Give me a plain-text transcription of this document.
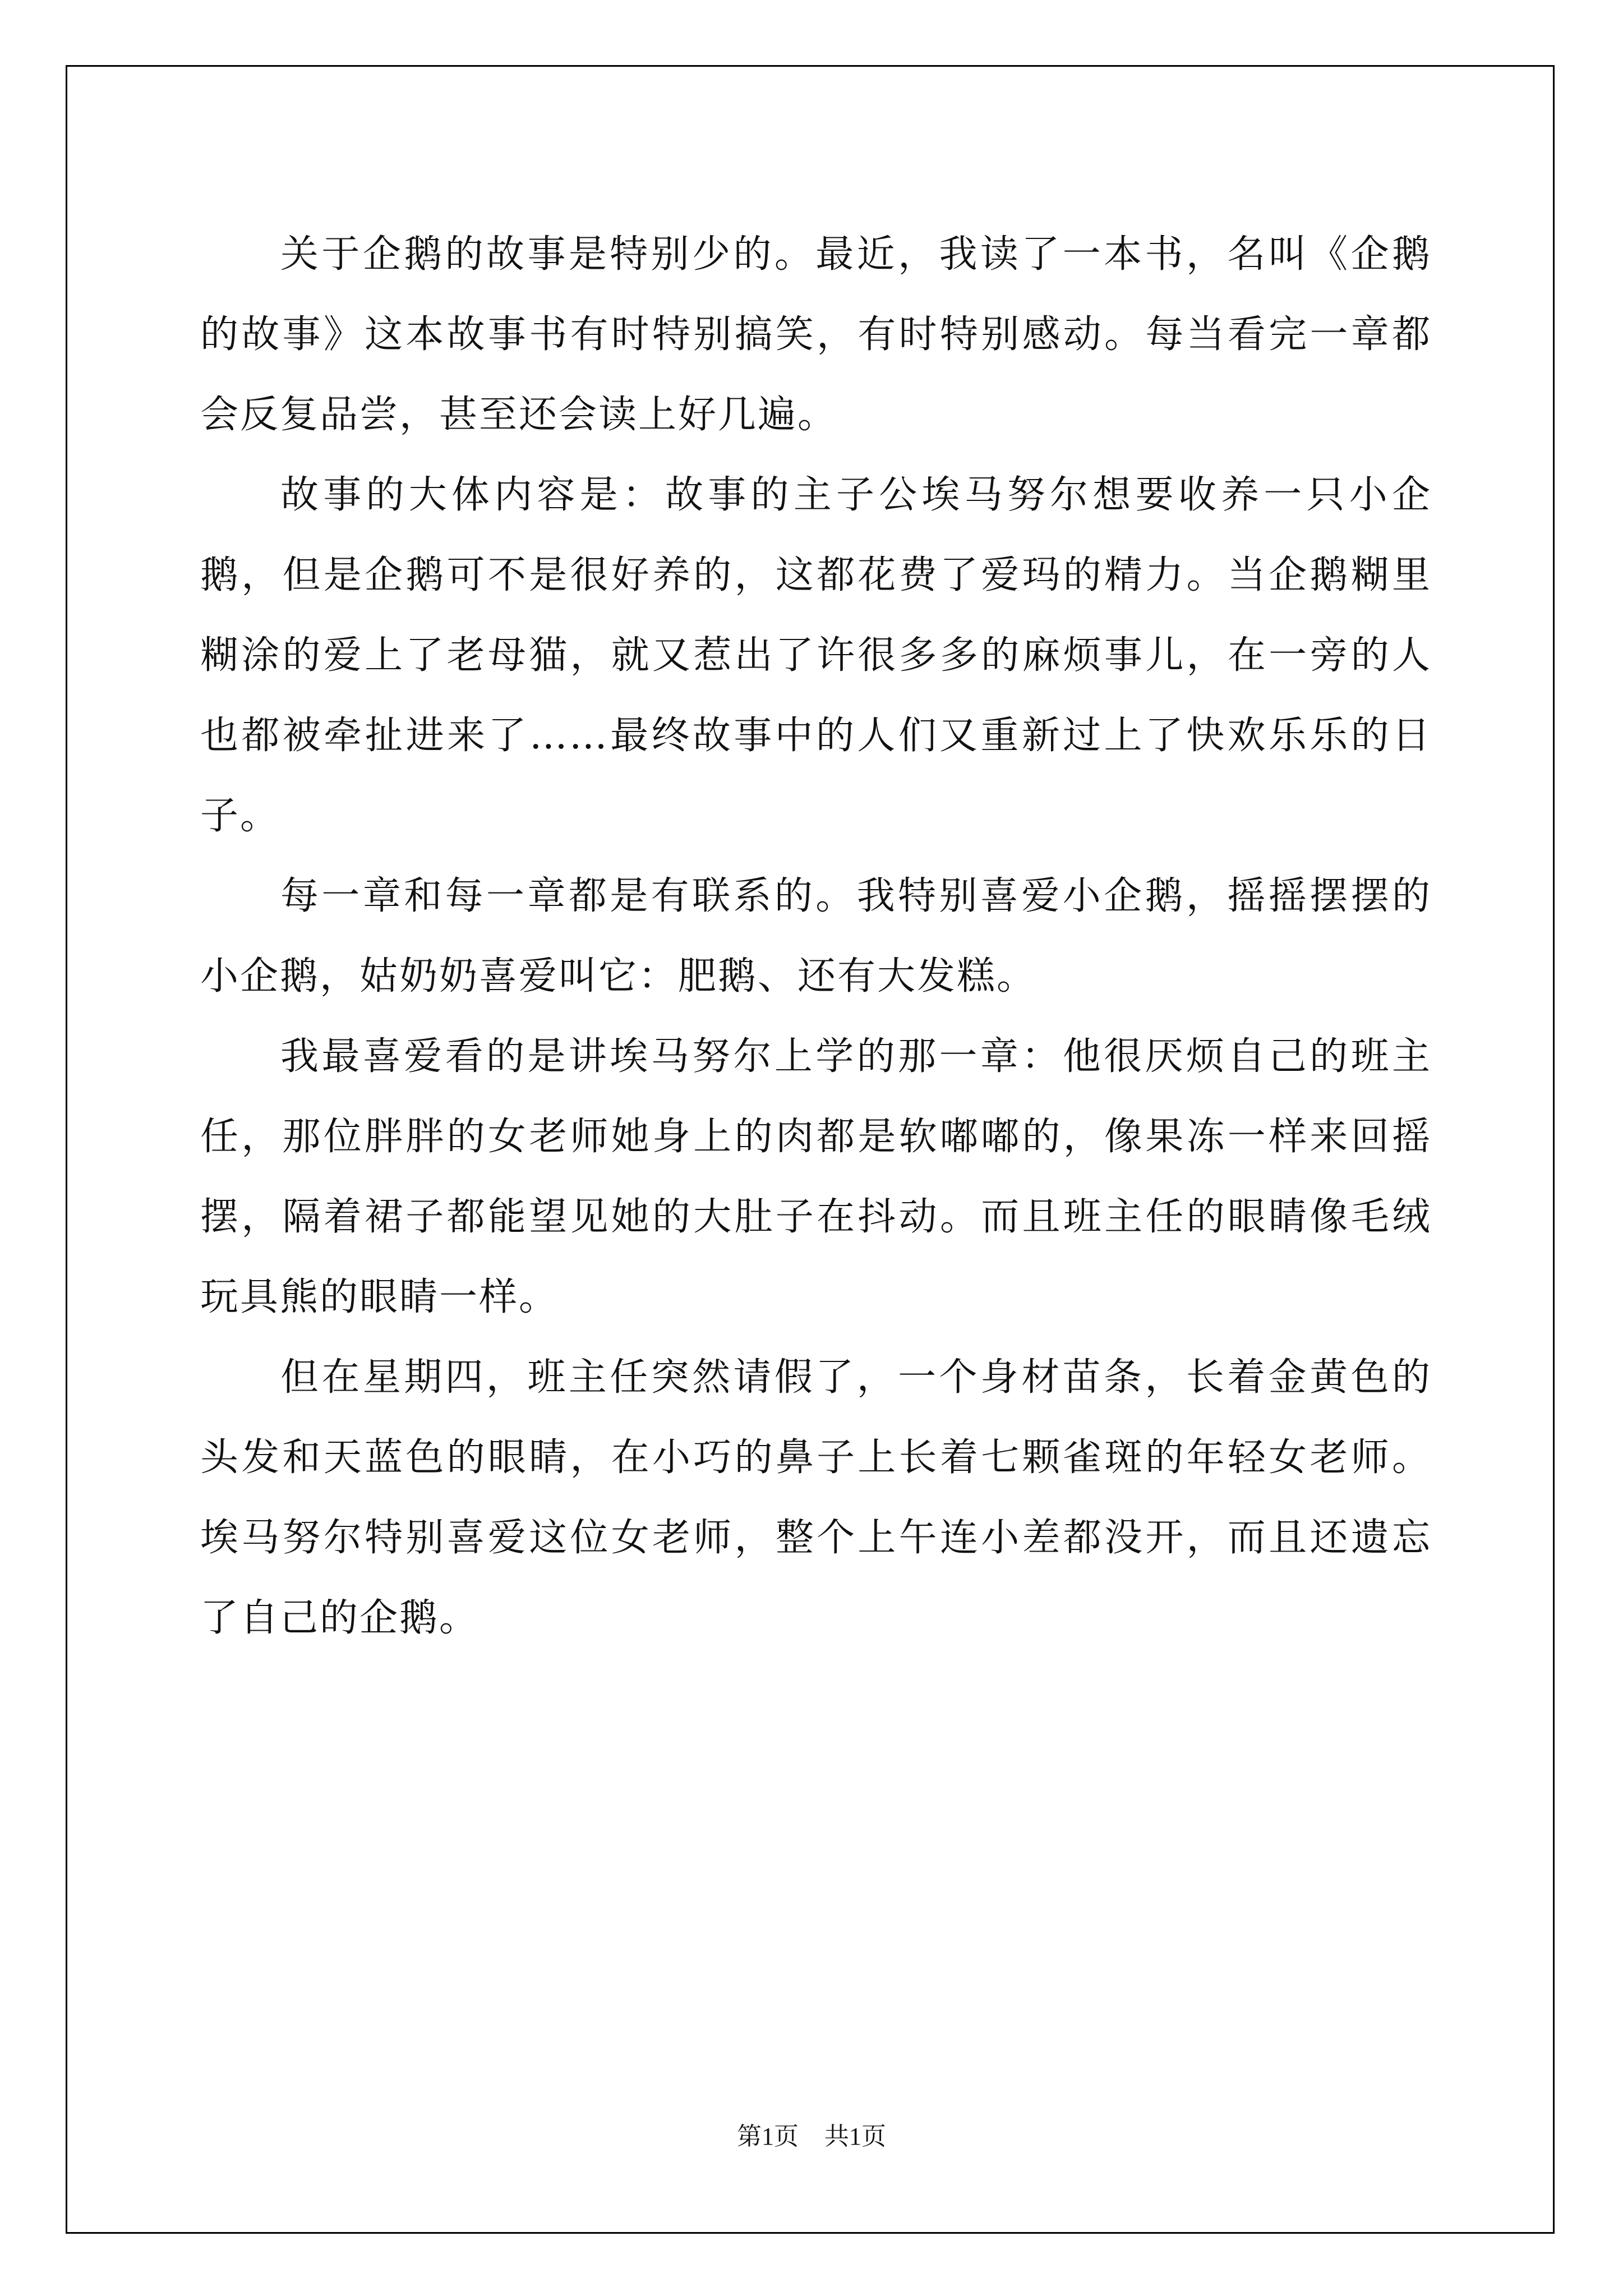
关于企鹅的故事是特别少的。最近，我读了一本书，名叫《企鹅的故事》这本故事书有时特别搞笑，有时特别感动。每当看完一章都会反复品尝，甚至还会读上好几遍。

故事的大体内容是：故事的主子公埃马努尔想要收养一只小企鹅，但是企鹅可不是很好养的，这都花费了爱玛的精力。当企鹅糊里糊涂的爱上了老母猫，就又惹出了许很多多的麻烦事儿，在一旁的人也都被牵扯进来了……最终故事中的人们又重新过上了快欢乐乐的日子。

每一章和每一章都是有联系的。我特别喜爱小企鹅，摇摇摆摆的小企鹅，姑奶奶喜爱叫它：肥鹅、还有大发糕。

我最喜爱看的是讲埃马努尔上学的那一章：他很厌烦自己的班主任，那位胖胖的女老师她身上的肉都是软嘟嘟的，像果冻一样来回摇摆，隔着裙子都能望见她的大肚子在抖动。而且班主任的眼睛像毛绒玩具熊的眼睛一样。

但在星期四，班主任突然请假了，一个身材苗条，长着金黄色的头发和天蓝色的眼睛，在小巧的鼻子上长着七颗雀斑的年轻女老师。埃马努尔特别喜爱这位女老师，整个上午连小差都没开，而且还遗忘了自己的企鹅。

第1页 共1页
